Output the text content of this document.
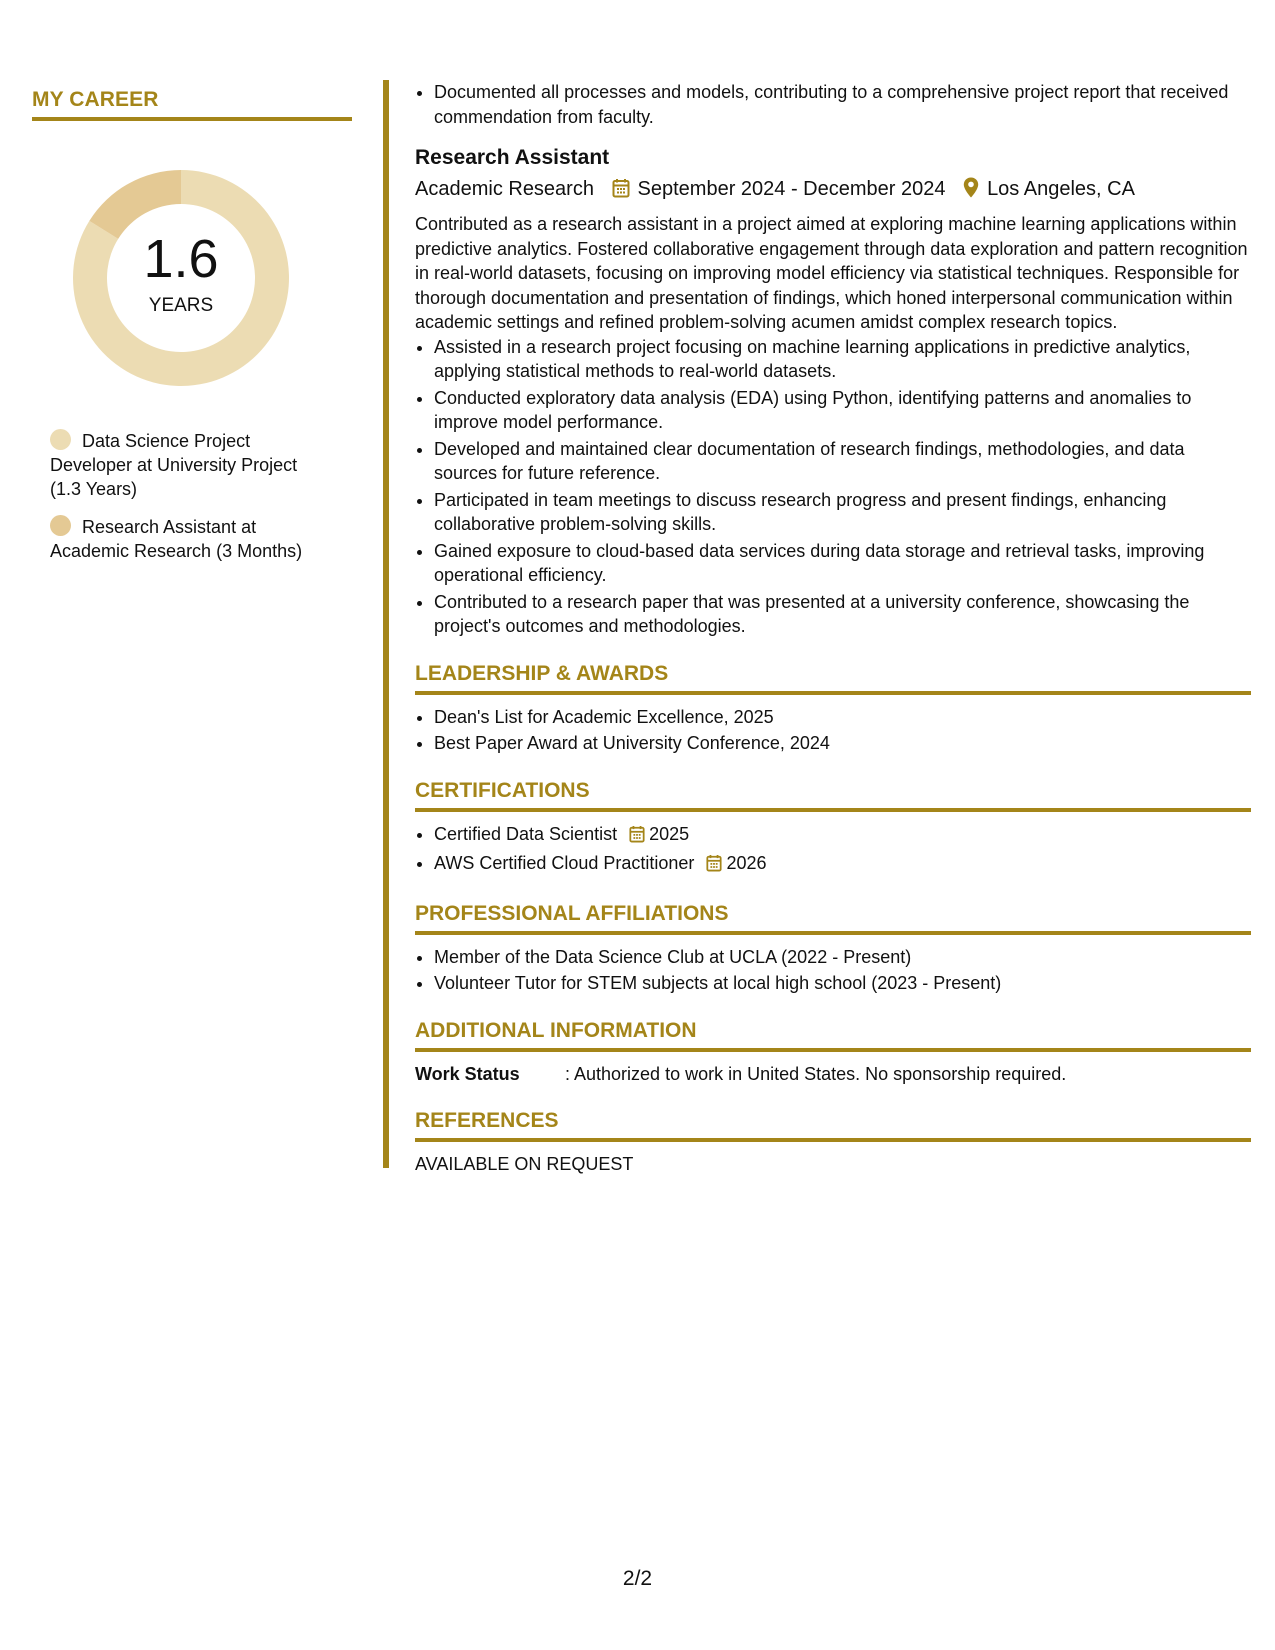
MY CAREER
1.6
YEARS
Data Science Project Developer at University Project (1.3 Years)
Research Assistant at Academic Research (3 Months)
• Documented all processes and models, contributing to a comprehensive project report that received commendation from faculty.
Research Assistant
Academic Research September 2024 - December 2024 Los Angeles, CA
Contributed as a research assistant in a project aimed at exploring machine learning applications within predictive analytics. Fostered collaborative engagement through data exploration and pattern recognition in real-world datasets, focusing on improving model efficiency via statistical techniques. Responsible for thorough documentation and presentation of findings, which honed interpersonal communication within academic settings and refined problem-solving acumen amidst complex research topics.
• Assisted in a research project focusing on machine learning applications in predictive analytics, applying statistical methods to real-world datasets.
• Conducted exploratory data analysis (EDA) using Python, identifying patterns and anomalies to improve model performance.
• Developed and maintained clear documentation of research findings, methodologies, and data sources for future reference.
• Participated in team meetings to discuss research progress and present findings, enhancing collaborative problem-solving skills.
• Gained exposure to cloud-based data services during data storage and retrieval tasks, improving operational efficiency.
• Contributed to a research paper that was presented at a university conference, showcasing the project's outcomes and methodologies.
LEADERSHIP & AWARDS
• Dean's List for Academic Excellence, 2025
• Best Paper Award at University Conference, 2024
CERTIFICATIONS
• Certified Data Scientist 2025
• AWS Certified Cloud Practitioner 2026
PROFESSIONAL AFFILIATIONS
• Member of the Data Science Club at UCLA (2022 - Present)
• Volunteer Tutor for STEM subjects at local high school (2023 - Present)
ADDITIONAL INFORMATION
Work Status	: Authorized to work in United States. No sponsorship required.
REFERENCES
AVAILABLE ON REQUEST
2/2
